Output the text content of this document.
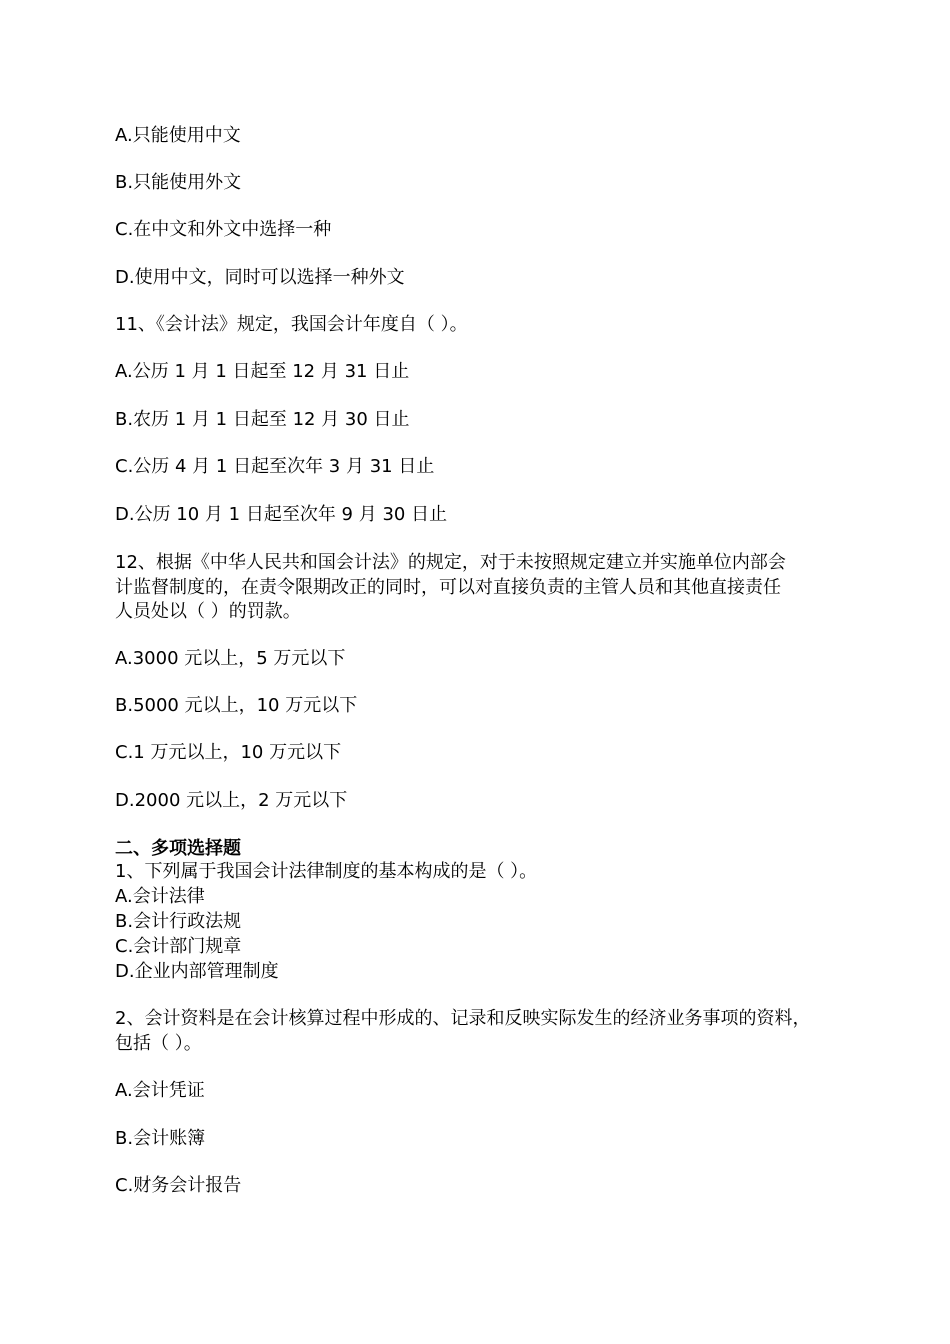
A.只能使用中文
B.只能使用外文
C.在中文和外文中选择一种
D.使用中文，同时可以选择一种外文
11、《会计法》规定，我国会计年度自（ ）。
A.公历 1 月 1 日起至 12 月 31 日止
B.农历 1 月 1 日起至 12 月 30 日止
C.公历 4 月 1 日起至次年 3 月 31 日止
D.公历 10 月 1 日起至次年 9 月 30 日止
12、根据《中华人民共和国会计法》的规定，对于未按照规定建立并实施单位内部会
计监督制度的，在责令限期改正的同时，可以对直接负责的主管人员和其他直接责任
人员处以（ ）的罚款。
A.3000 元以上，5 万元以下
B.5000 元以上，10 万元以下
C.1 万元以上，10 万元以下
D.2000 元以上，2 万元以下
二、多项选择题
1、下列属于我国会计法律制度的基本构成的是（ ）。
A.会计法律
B.会计行政法规
C.会计部门规章
D.企业内部管理制度
2、会计资料是在会计核算过程中形成的、记录和反映实际发生的经济业务事项的资料，
包括（ ）。
A.会计凭证
B.会计账簿
C.财务会计报告
